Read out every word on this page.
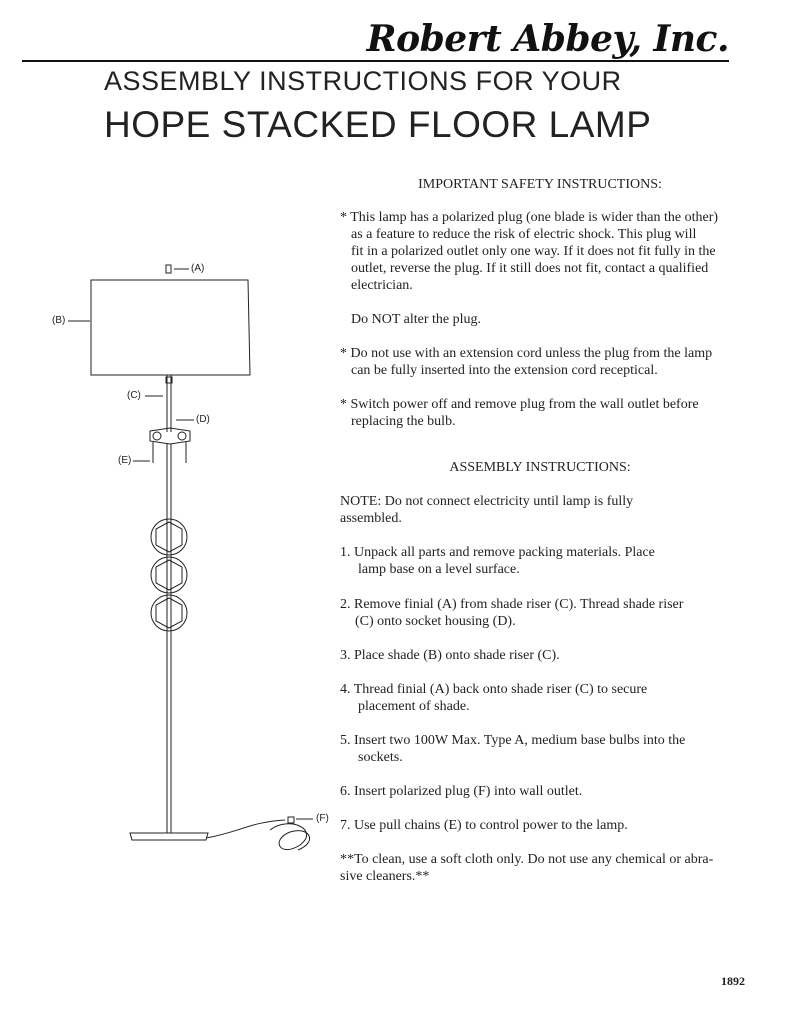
Robert Abbey, Inc.
ASSEMBLY INSTRUCTIONS FOR YOUR
HOPE STACKED FLOOR LAMP
IMPORTANT SAFETY INSTRUCTIONS:
* This lamp has a polarized plug (one blade is wider than the other)
as a feature to reduce the risk of electric shock. This plug will
fit in a polarized outlet only one way. If it does not fit fully in the
outlet, reverse the plug. If it still does not fit, contact a qualified
electrician.
Do NOT alter the plug.
* Do not use with an extension cord unless the plug from the lamp
can be fully inserted into the extension cord receptical.
* Switch power off and remove plug from the wall outlet before
replacing the bulb.
ASSEMBLY INSTRUCTIONS:
NOTE: Do not connect electricity until lamp is fully
assembled.
1. Unpack all parts and remove packing materials. Place
lamp base on a level surface.
2. Remove finial (A) from shade riser (C). Thread shade riser
(C) onto socket housing (D).
3. Place shade (B) onto shade riser (C).
4. Thread finial (A) back onto shade riser (C) to secure
placement of shade.
5. Insert two 100W Max. Type A, medium base bulbs into the
sockets.
6. Insert polarized plug (F) into wall outlet.
7. Use pull chains (E) to control power to the lamp.
**To clean, use a soft cloth only. Do not use any chemical or abra-
sive cleaners.**
(A)
(B)
(C)
(D)
(E)
(F)
1892
